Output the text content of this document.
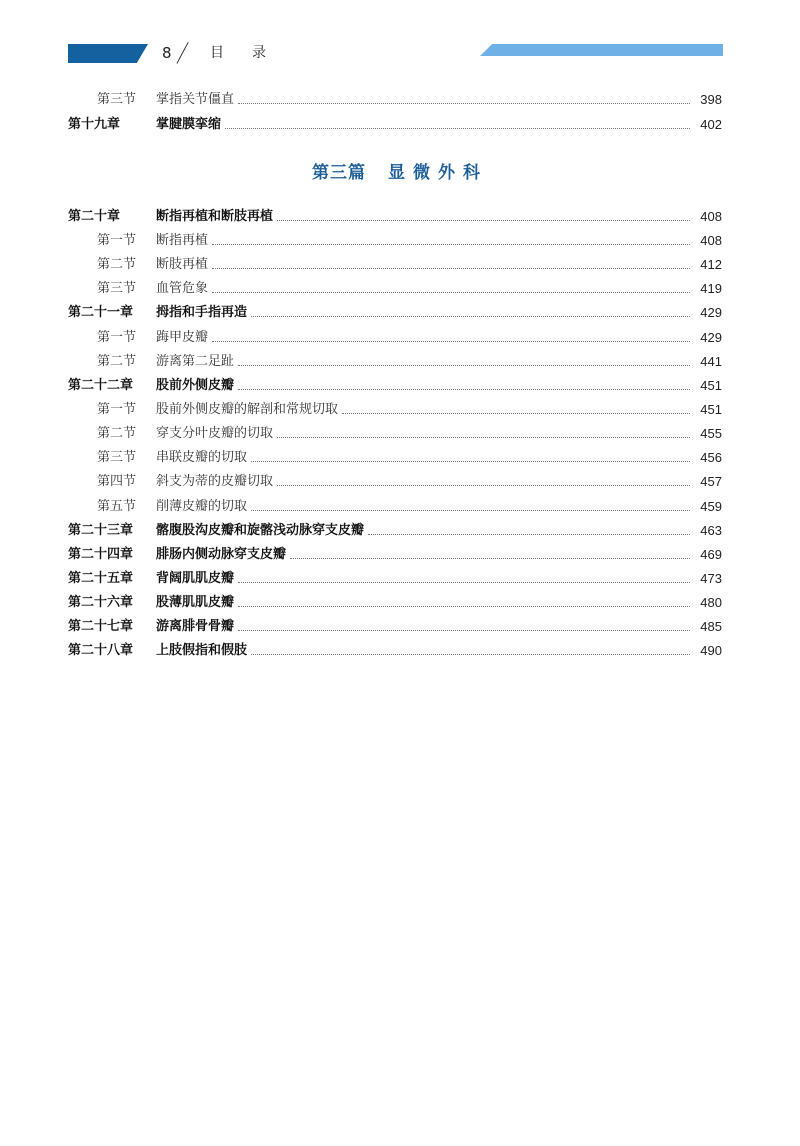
8	目录
第三节	掌指关节僵直	398
第十九章	掌腱膜挛缩	402
第三篇 显微外科
第二十章	断指再植和断肢再植	408
第一节	断指再植	408
第二节	断肢再植	412
第三节	血管危象	419
第二十一章	拇指和手指再造	429
第一节	踇甲皮瓣	429
第二节	游离第二足趾	441
第二十二章	股前外侧皮瓣	451
第一节	股前外侧皮瓣的解剖和常规切取	451
第二节	穿支分叶皮瓣的切取	455
第三节	串联皮瓣的切取	456
第四节	斜支为蒂的皮瓣切取	457
第五节	削薄皮瓣的切取	459
第二十三章	髂腹股沟皮瓣和旋髂浅动脉穿支皮瓣	463
第二十四章	腓肠内侧动脉穿支皮瓣	469
第二十五章	背阔肌肌皮瓣	473
第二十六章	股薄肌肌皮瓣	480
第二十七章	游离腓骨骨瓣	485
第二十八章	上肢假指和假肢	490
